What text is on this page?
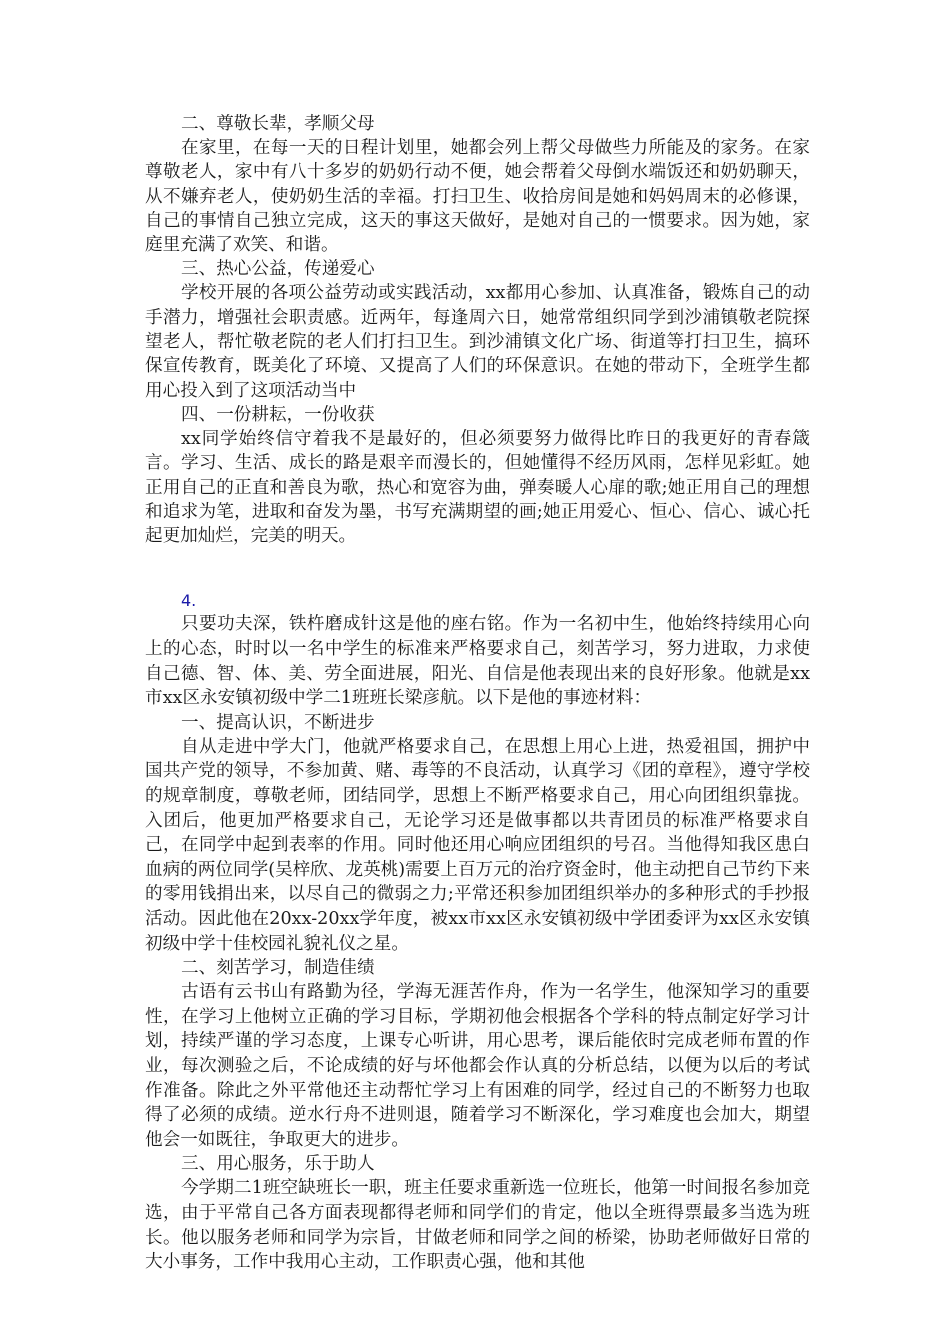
二、尊敬长辈，孝顺父母

在家里，在每一天的日程计划里，她都会列上帮父母做些力所能及的家务。在家尊敬老人，家中有八十多岁的奶奶行动不便，她会帮着父母倒水端饭还和奶奶聊天，从不嫌弃老人，使奶奶生活的幸福。打扫卫生、收拾房间是她和妈妈周末的必修课，自己的事情自己独立完成，这天的事这天做好，是她对自己的一惯要求。因为她，家庭里充满了欢笑、和谐。

三、热心公益，传递爱心

学校开展的各项公益劳动或实践活动，xx都用心参加、认真准备，锻炼自己的动手潜力，增强社会职责感。近两年，每逢周六日，她常常组织同学到沙浦镇敬老院探望老人，帮忙敬老院的老人们打扫卫生。到沙浦镇文化广场、街道等打扫卫生，搞环保宣传教育，既美化了环境、又提高了人们的环保意识。在她的带动下，全班学生都用心投入到了这项活动当中

四、一份耕耘，一份收获

xx同学始终信守着我不是最好的，但必须要努力做得比昨日的我更好的青春箴言。学习、生活、成长的路是艰辛而漫长的，但她懂得不经历风雨，怎样见彩虹。她正用自己的正直和善良为歌，热心和宽容为曲，弹奏暖人心扉的歌;她正用自己的理想和追求为笔，进取和奋发为墨，书写充满期望的画;她正用爱心、恒心、信心、诚心托起更加灿烂，完美的明天。

4.

只要功夫深，铁杵磨成针这是他的座右铭。作为一名初中生，他始终持续用心向上的心态，时时以一名中学生的标准来严格要求自己，刻苦学习，努力进取，力求使自己德、智、体、美、劳全面进展，阳光、自信是他表现出来的良好形象。他就是xx市xx区永安镇初级中学二1班班长梁彦航。以下是他的事迹材料：

一、提高认识，不断进步

自从走进中学大门，他就严格要求自己，在思想上用心上进，热爱祖国，拥护中国共产党的领导，不参加黄、赌、毒等的不良活动，认真学习《团的章程》，遵守学校的规章制度，尊敬老师，团结同学，思想上不断严格要求自己，用心向团组织靠拢。入团后，他更加严格要求自己，无论学习还是做事都以共青团员的标准严格要求自己，在同学中起到表率的作用。同时他还用心响应团组织的号召。当他得知我区患白血病的两位同学(吴梓欣、龙英桃)需要上百万元的治疗资金时，他主动把自己节约下来的零用钱捐出来，以尽自己的微弱之力;平常还积参加团组织举办的多种形式的手抄报活动。因此他在20xx-20xx学年度，被xx市xx区永安镇初级中学团委评为xx区永安镇初级中学十佳校园礼貌礼仪之星。

二、刻苦学习，制造佳绩

古语有云书山有路勤为径，学海无涯苦作舟，作为一名学生，他深知学习的重要性，在学习上他树立正确的学习目标，学期初他会根据各个学科的特点制定好学习计划，持续严谨的学习态度，上课专心听讲，用心思考，课后能依时完成老师布置的作业，每次测验之后，不论成绩的好与坏他都会作认真的分析总结，以便为以后的考试作准备。除此之外平常他还主动帮忙学习上有困难的同学，经过自己的不断努力也取得了必须的成绩。逆水行舟不进则退，随着学习不断深化，学习难度也会加大，期望他会一如既往，争取更大的进步。

三、用心服务，乐于助人

今学期二1班空缺班长一职，班主任要求重新选一位班长，他第一时间报名参加竞选，由于平常自己各方面表现都得老师和同学们的肯定，他以全班得票最多当选为班长。他以服务老师和同学为宗旨，甘做老师和同学之间的桥梁，协助老师做好日常的大小事务，工作中我用心主动，工作职责心强，他和其他
